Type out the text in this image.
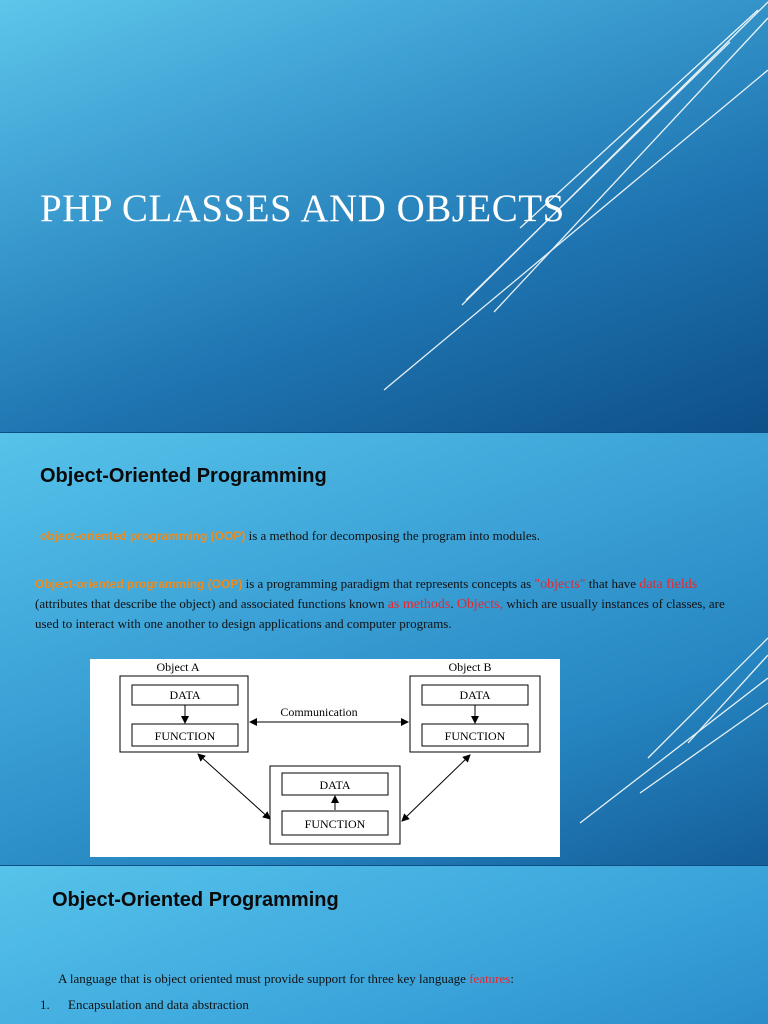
PHP CLASSES AND OBJECTS
Object-Oriented Programming

object-oriented programming (OOP) is a method for decomposing the program into modules.

Object-oriented programming (OOP) is a programming paradigm that represents concepts as "objects" that have data fields (attributes that describe the object) and associated functions known as methods. Objects, which are usually instances of classes, are used to interact with one another to design applications and computer programs.

Object A	Object B
DATA
FUNCTION
DATA
FUNCTION
DATA
FUNCTION
Communication
Object-Oriented Programming
A language that is object oriented must provide support for three key language features:
1. Encapsulation and data abstraction
